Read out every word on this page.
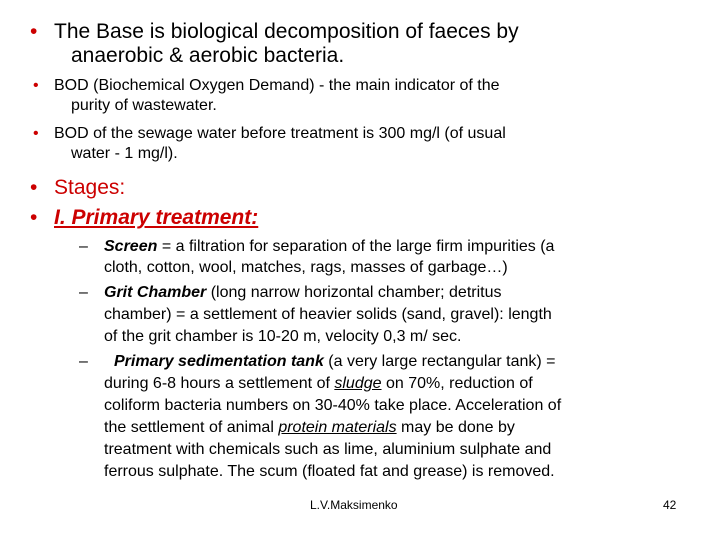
• The Base is biological decomposition of faeces by
anaerobic & aerobic bacteria.
• BOD (Biochemical Oxygen Demand) - the main indicator of the
purity of wastewater.
• BOD of the sewage water before treatment is 300 mg/l (of usual
water - 1 mg/l).
• Stages:
• I. Primary treatment:
– Screen = a filtration for separation of the large firm impurities (a
cloth, cotton, wool, matches, rags, masses of garbage…)
– Grit Chamber (long narrow horizontal chamber; detritus
chamber) = a settlement of heavier solids (sand, gravel): length
of the grit chamber is 10-20 m, velocity 0,3 m/ sec.
– Primary sedimentation tank (a very large rectangular tank) =
during 6-8 hours a settlement of sludge on 70%, reduction of
coliform bacteria numbers on 30-40% take place. Acceleration of
the settlement of animal protein materials may be done by
treatment with chemicals such as lime, aluminium sulphate and
ferrous sulphate. The scum (floated fat and grease) is removed.
L.V.Maksimenko	42
